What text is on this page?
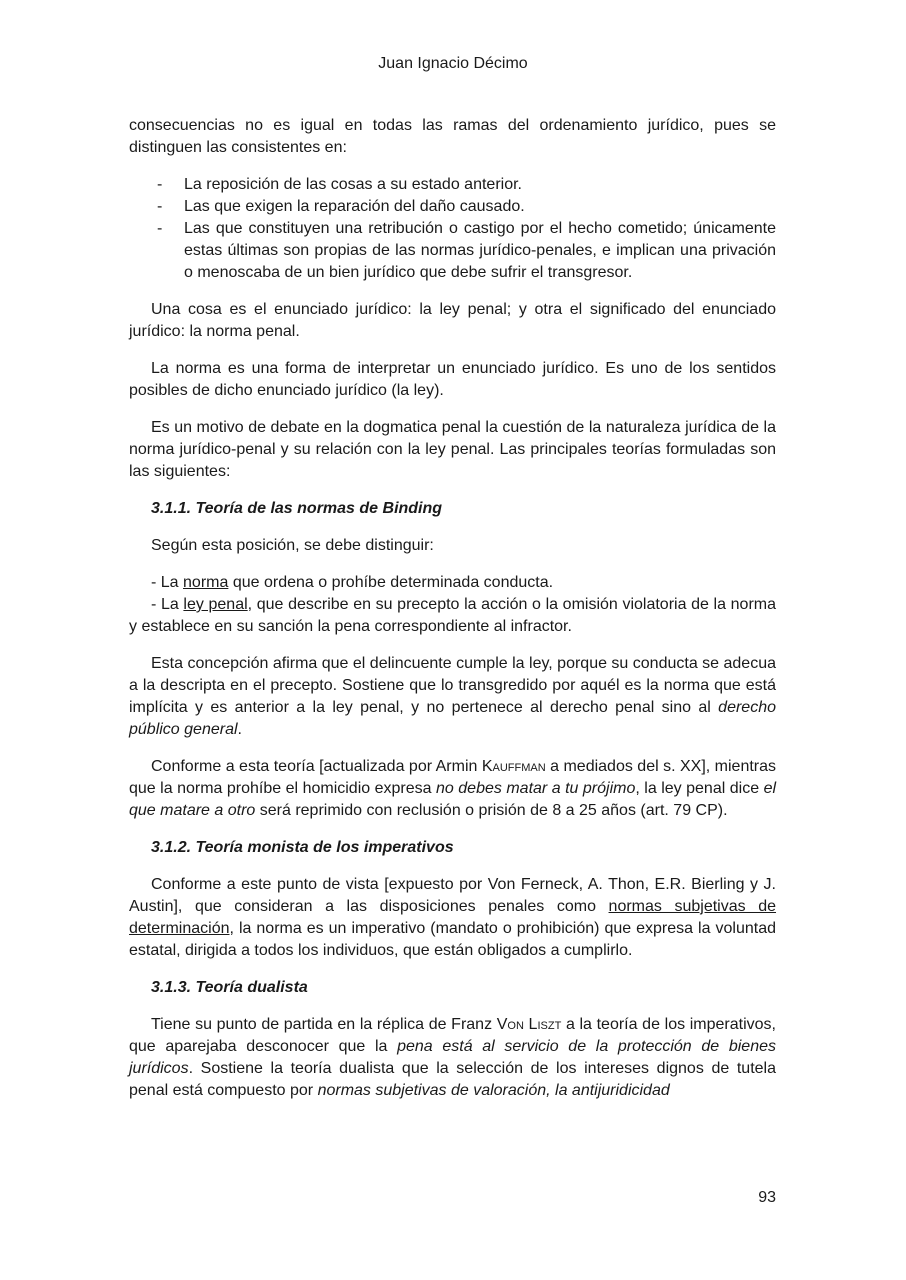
Juan Ignacio Décimo

consecuencias no es igual en todas las ramas del ordenamiento jurídico, pues se distinguen las consistentes en:

- La reposición de las cosas a su estado anterior.
- Las que exigen la reparación del daño causado.
- Las que constituyen una retribución o castigo por el hecho cometido; únicamente estas últimas son propias de las normas jurídico-penales, e implican una privación o menoscaba de un bien jurídico que debe sufrir el transgresor.

Una cosa es el enunciado jurídico: la ley penal; y otra el significado del enunciado jurídico: la norma penal.

La norma es una forma de interpretar un enunciado jurídico. Es uno de los sentidos posibles de dicho enunciado jurídico (la ley).

Es un motivo de debate en la dogmatica penal la cuestión de la naturaleza jurídica de la norma jurídico-penal y su relación con la ley penal. Las principales teorías formuladas son las siguientes:

3.1.1. Teoría de las normas de Binding

Según esta posición, se debe distinguir:

- La norma que ordena o prohíbe determinada conducta.

- La ley penal, que describe en su precepto la acción o la omisión violatoria de la norma y establece en su sanción la pena correspondiente al infractor.

Esta concepción afirma que el delincuente cumple la ley, porque su conducta se adecua a la descripta en el precepto. Sostiene que lo transgredido por aquél es la norma que está implícita y es anterior a la ley penal, y no pertenece al derecho penal sino al derecho público general.

Conforme a esta teoría [actualizada por Armin Kauffman a mediados del s. XX], mientras que la norma prohíbe el homicidio expresa no debes matar a tu prójimo, la ley penal dice el que matare a otro será reprimido con reclusión o prisión de 8 a 25 años (art. 79 CP).

3.1.2. Teoría monista de los imperativos

Conforme a este punto de vista [expuesto por Von Ferneck, A. Thon, E.R. Bierling y J. Austin], que consideran a las disposiciones penales como normas subjetivas de determinación, la norma es un imperativo (mandato o prohibición) que expresa la voluntad estatal, dirigida a todos los individuos, que están obligados a cumplirlo.

3.1.3. Teoría dualista

Tiene su punto de partida en la réplica de Franz Von Liszt a la teoría de los imperativos, que aparejaba desconocer que la pena está al servicio de la protección de bienes jurídicos. Sostiene la teoría dualista que la selección de los intereses dignos de tutela penal está compuesto por normas subjetivas de valoración, la antijuridicidad

93
